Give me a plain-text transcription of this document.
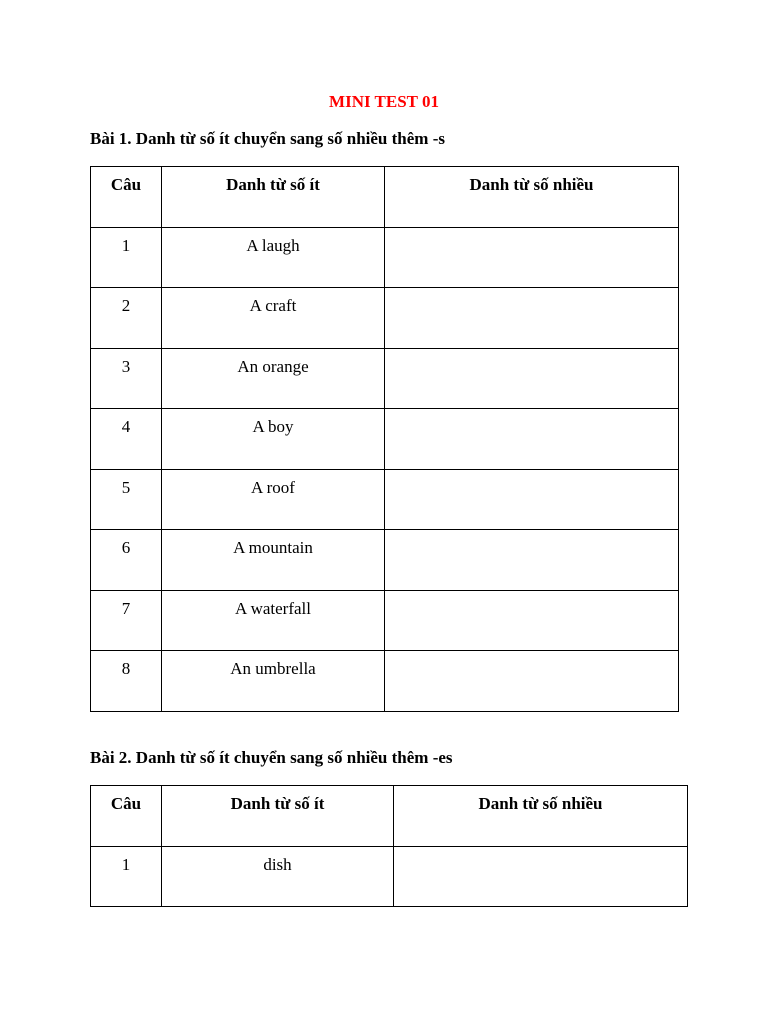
MINI TEST 01
Bài 1. Danh từ số ít chuyển sang số nhiều thêm -s
Câu	Danh từ số ít	Danh từ số nhiều
1	A laugh	
2	A craft	
3	An orange	
4	A boy	
5	A roof	
6	A mountain	
7	A waterfall	
8	An umbrella	
Bài 2. Danh từ số ít chuyển sang số nhiều thêm -es
Câu	Danh từ số ít	Danh từ số nhiều
1	dish	
